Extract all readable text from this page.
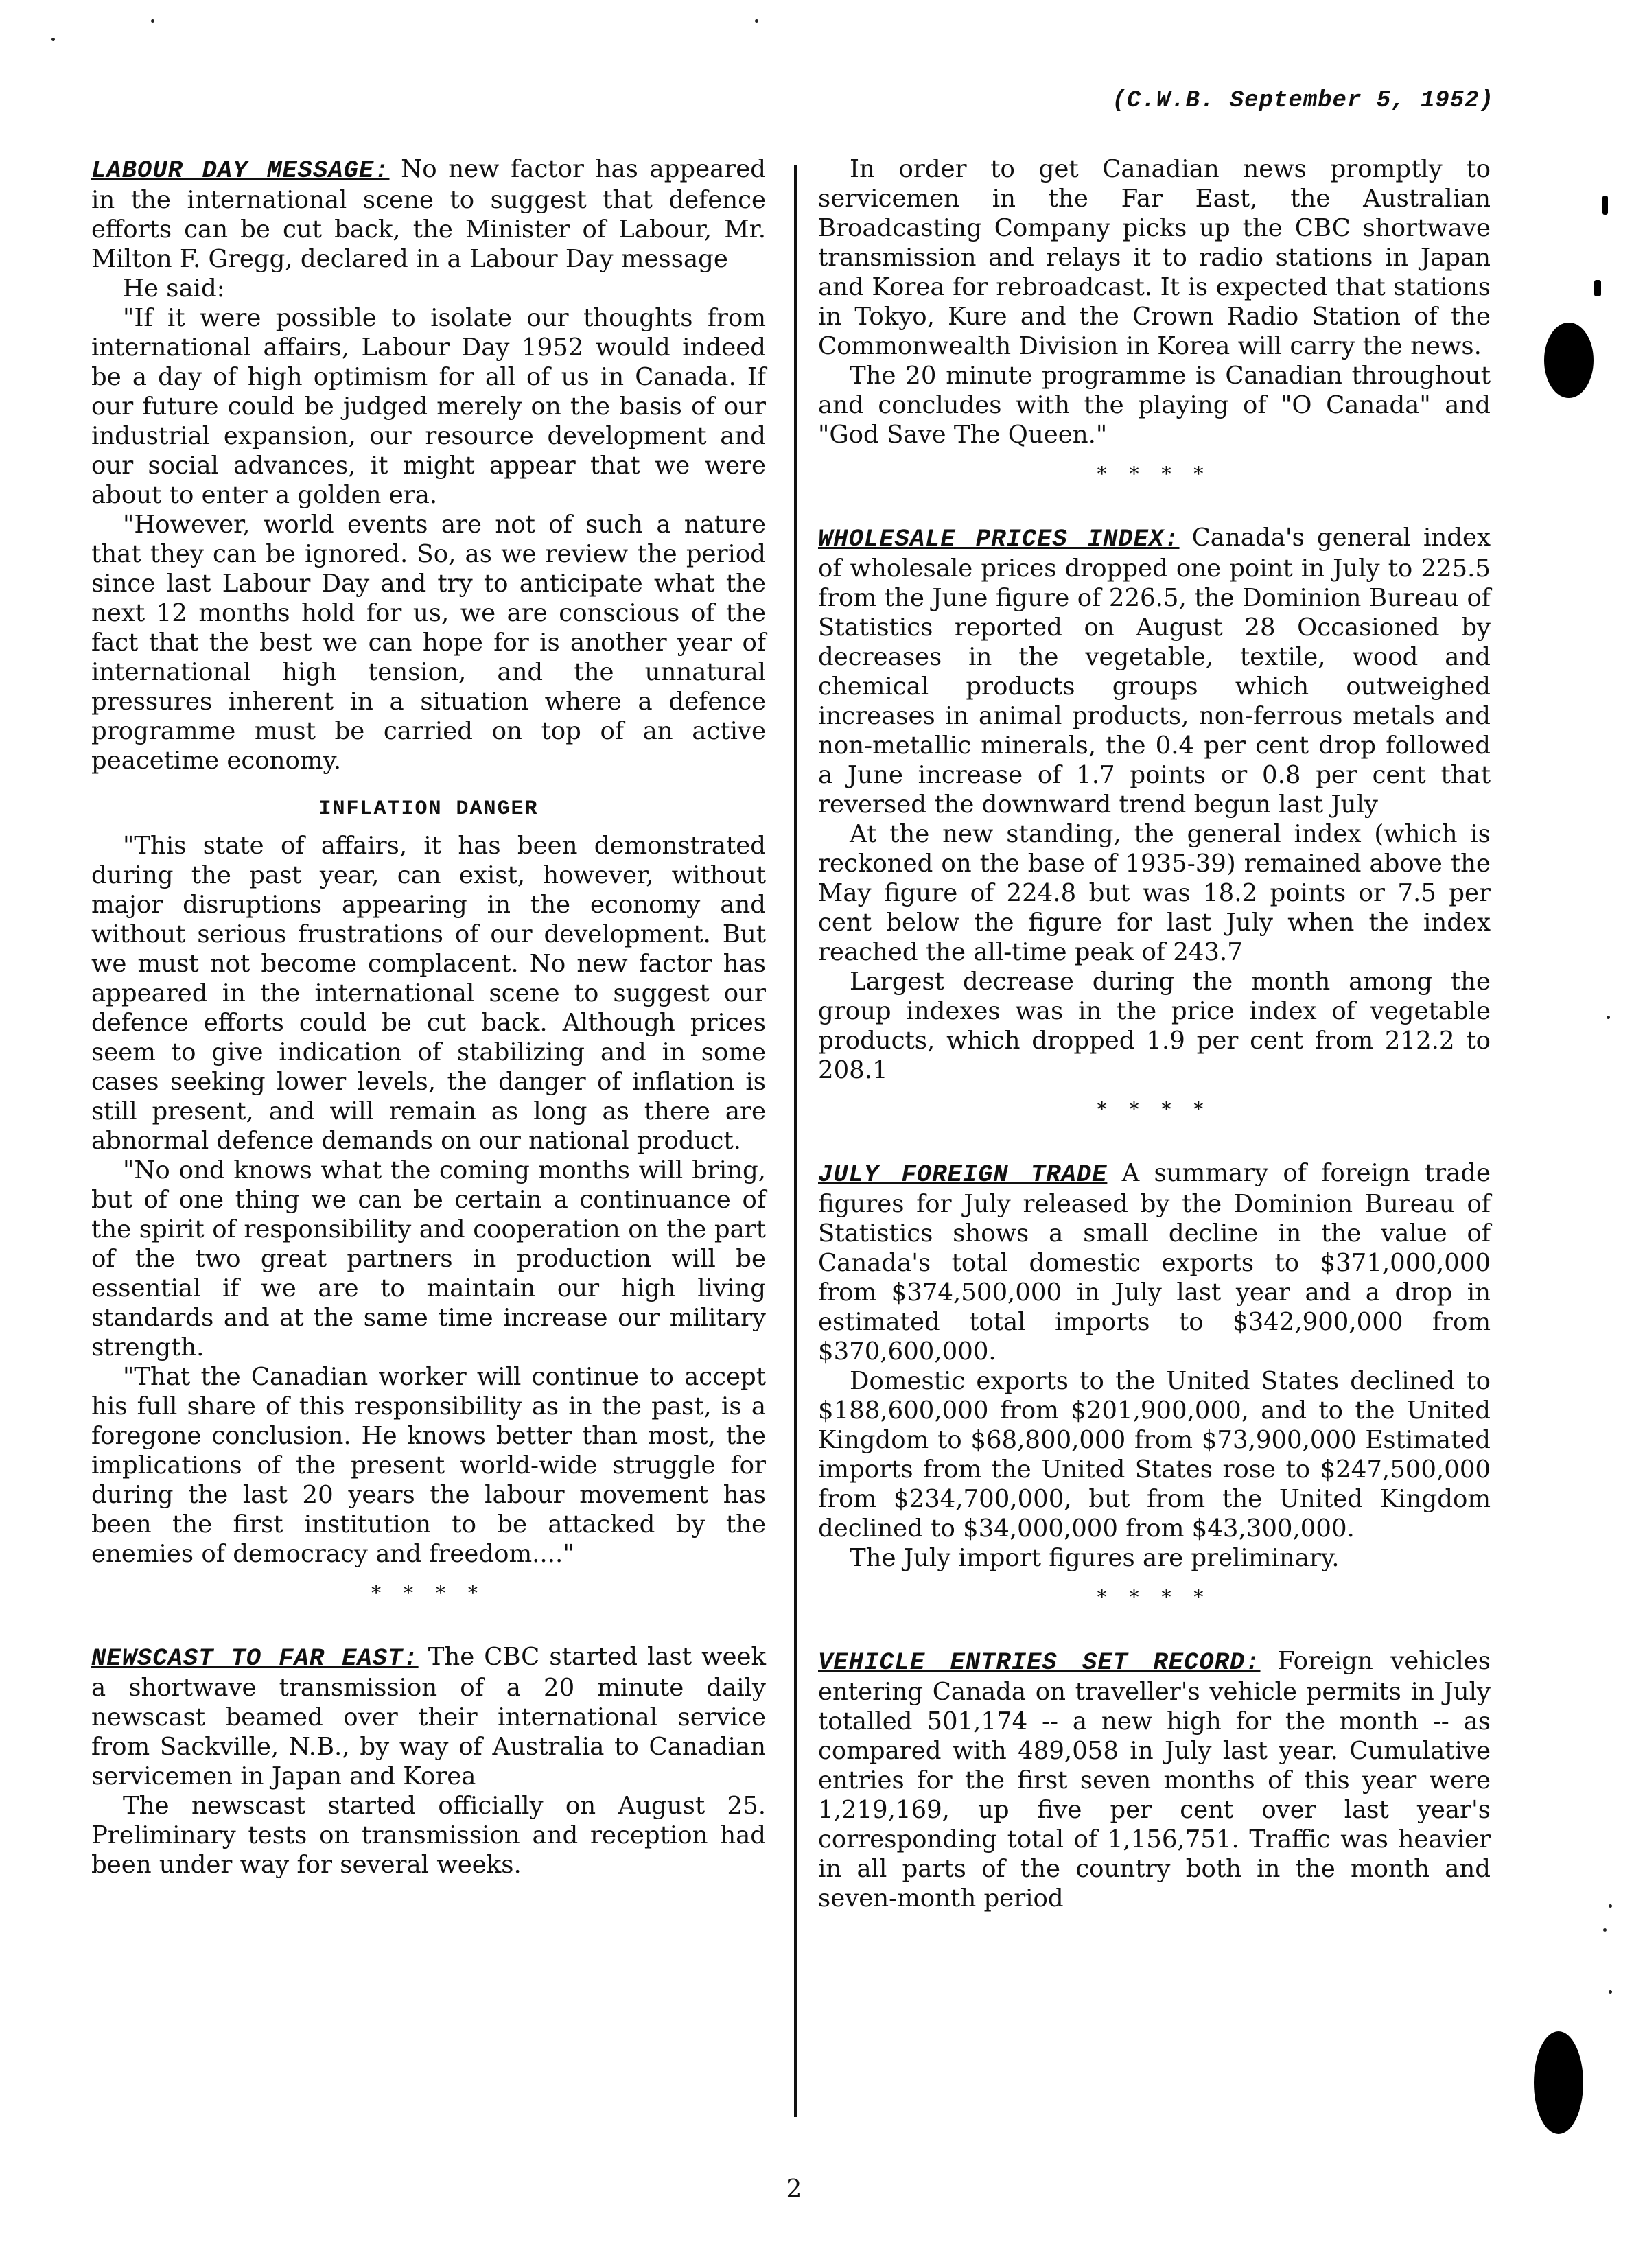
(C.W.B. September 5, 1952)

LABOUR DAY MESSAGE: No new factor has appeared in the international scene to suggest that defence efforts can be cut back, the Minister of Labour, Mr. Milton F. Gregg, declared in a Labour Day message

He said:

"If it were possible to isolate our thoughts from international affairs, Labour Day 1952 would indeed be a day of high optimism for all of us in Canada. If our future could be judged merely on the basis of our industrial expansion, our resource development and our social advances, it might appear that we were about to enter a golden era.

"However, world events are not of such a nature that they can be ignored. So, as we review the period since last Labour Day and try to anticipate what the next 12 months hold for us, we are conscious of the fact that the best we can hope for is another year of international high tension, and the unnatural pressures inherent in a situation where a defence programme must be carried on top of an active peacetime economy.

INFLATION DANGER

"This state of affairs, it has been demonstrated during the past year, can exist, however, without major disruptions appearing in the economy and without serious frustrations of our development. But we must not become complacent. No new factor has appeared in the international scene to suggest our defence efforts could be cut back. Although prices seem to give indication of stabilizing and in some cases seeking lower levels, the danger of inflation is still present, and will remain as long as there are abnormal defence demands on our national product.

"No ond knows what the coming months will bring, but of one thing we can be certain a continuance of the spirit of responsibility and cooperation on the part of the two great partners in production will be essential if we are to maintain our high living standards and at the same time increase our military strength.

"That the Canadian worker will continue to accept his full share of this responsibility as in the past, is a foregone conclusion. He knows better than most, the implications of the present world-wide struggle for during the last 20 years the labour movement has been the first institution to be attacked by the enemies of democracy and freedom...."

* * * *

NEWSCAST TO FAR EAST: The CBC started last week a shortwave transmission of a 20 minute daily newscast beamed over their international service from Sackville, N.B., by way of Australia to Canadian servicemen in Japan and Korea

The newscast started officially on August 25. Preliminary tests on transmission and reception had been under way for several weeks.

In order to get Canadian news promptly to servicemen in the Far East, the Australian Broadcasting Company picks up the CBC shortwave transmission and relays it to radio stations in Japan and Korea for rebroadcast. It is expected that stations in Tokyo, Kure and the Crown Radio Station of the Commonwealth Division in Korea will carry the news.

The 20 minute programme is Canadian throughout and concludes with the playing of "O Canada" and "God Save The Queen."

* * * *

WHOLESALE PRICES INDEX: Canada's general index of wholesale prices dropped one point in July to 225.5 from the June figure of 226.5, the Dominion Bureau of Statistics reported on August 28 Occasioned by decreases in the vegetable, textile, wood and chemical products groups which outweighed increases in animal products, non-ferrous metals and non-metallic minerals, the 0.4 per cent drop followed a June increase of 1.7 points or 0.8 per cent that reversed the downward trend begun last July

At the new standing, the general index (which is reckoned on the base of 1935-39) remained above the May figure of 224.8 but was 18.2 points or 7.5 per cent below the figure for last July when the index reached the all-time peak of 243.7

Largest decrease during the month among the group indexes was in the price index of vegetable products, which dropped 1.9 per cent from 212.2 to 208.1

* * * *

JULY FOREIGN TRADE A summary of foreign trade figures for July released by the Dominion Bureau of Statistics shows a small decline in the value of Canada's total domestic exports to $371,000,000 from $374,500,000 in July last year and a drop in estimated total imports to $342,900,000 from $370,600,000.

Domestic exports to the United States declined to $188,600,000 from $201,900,000, and to the United Kingdom to $68,800,000 from $73,900,000 Estimated imports from the United States rose to $247,500,000 from $234,700,000, but from the United Kingdom declined to $34,000,000 from $43,300,000.

The July import figures are preliminary.

* * * *

VEHICLE ENTRIES SET RECORD: Foreign vehicles entering Canada on traveller's vehicle permits in July totalled 501,174 -- a new high for the month -- as compared with 489,058 in July last year. Cumulative entries for the first seven months of this year were 1,219,169, up five per cent over last year's corresponding total of 1,156,751. Traffic was heavier in all parts of the country both in the month and seven-month period

2
